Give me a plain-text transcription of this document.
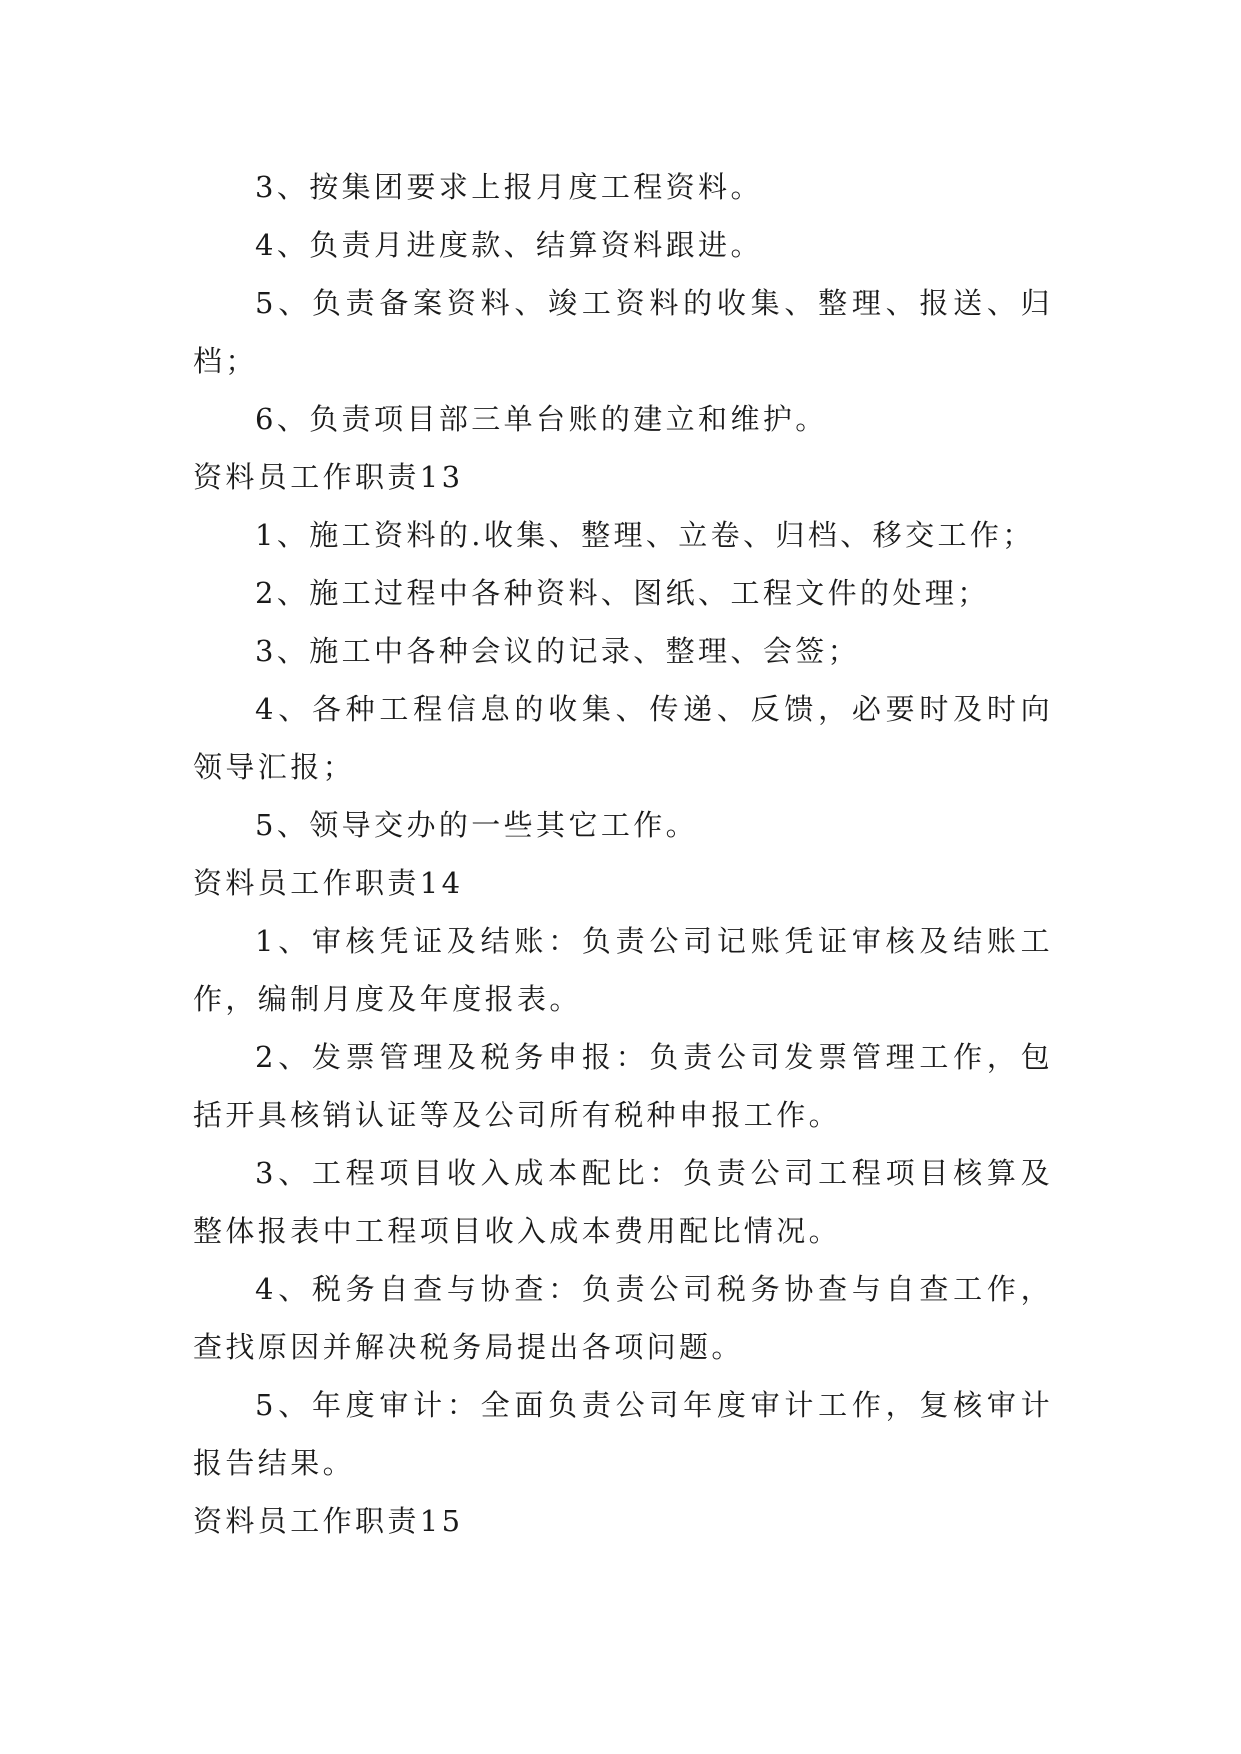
3、按集团要求上报月度工程资料。

4、负责月进度款、结算资料跟进。

5、负责备案资料、竣工资料的收集、整理、报送、归档；

6、负责项目部三单台账的建立和维护。

资料员工作职责13

1、施工资料的.收集、整理、立卷、归档、移交工作；

2、施工过程中各种资料、图纸、工程文件的处理；

3、施工中各种会议的记录、整理、会签；

4、各种工程信息的收集、传递、反馈，必要时及时向领导汇报；

5、领导交办的一些其它工作。

资料员工作职责14

1、审核凭证及结账：负责公司记账凭证审核及结账工作，编制月度及年度报表。

2、发票管理及税务申报：负责公司发票管理工作，包括开具核销认证等及公司所有税种申报工作。

3、工程项目收入成本配比：负责公司工程项目核算及整体报表中工程项目收入成本费用配比情况。

4、税务自查与协查：负责公司税务协查与自查工作，查找原因并解决税务局提出各项问题。

5、年度审计：全面负责公司年度审计工作，复核审计报告结果。

资料员工作职责15
